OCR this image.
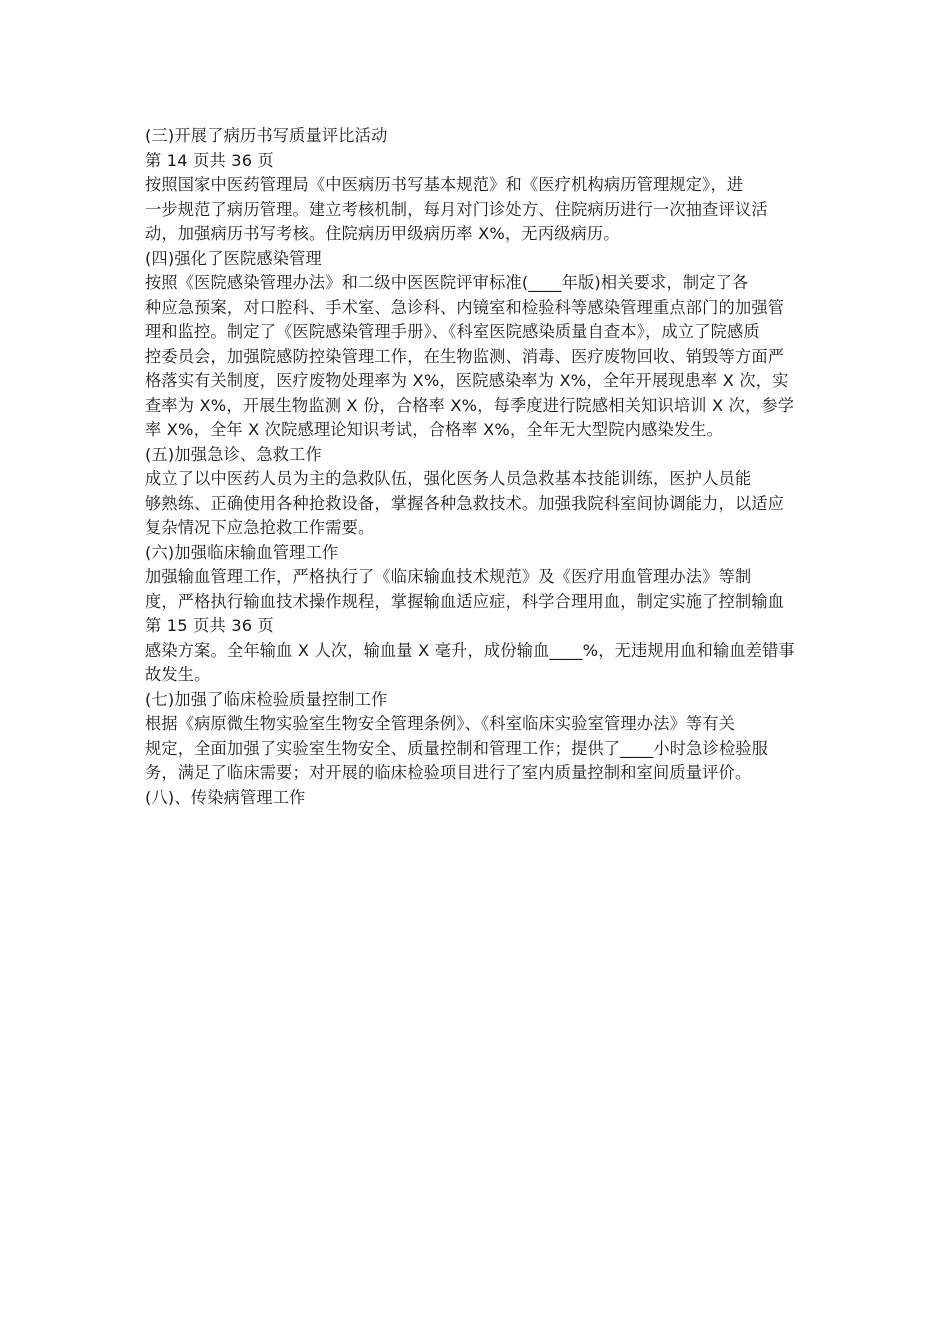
(三)开展了病历书写质量评比活动

第 14 页共 36 页

按照国家中医药管理局《中医病历书写基本规范》和《医疗机构病历管理规定》，进

一步规范了病历管理。建立考核机制，每月对门诊处方、住院病历进行一次抽查评议活

动，加强病历书写考核。住院病历甲级病历率 X%，无丙级病历。

(四)强化了医院感染管理

按照《医院感染管理办法》和二级中医医院评审标准(____年版)相关要求，制定了各

种应急预案，对口腔科、手术室、急诊科、内镜室和检验科等感染管理重点部门的加强管

理和监控。制定了《医院感染管理手册》、《科室医院感染质量自查本》，成立了院感质

控委员会，加强院感防控染管理工作，在生物监测、消毒、医疗废物回收、销毁等方面严

格落实有关制度，医疗废物处理率为 X%，医院感染率为 X%，全年开展现患率 X 次，实

查率为 X%，开展生物监测 X 份，合格率 X%，每季度进行院感相关知识培训 X 次，参学

率 X%，全年 X 次院感理论知识考试，合格率 X%，全年无大型院内感染发生。

(五)加强急诊、急救工作

成立了以中医药人员为主的急救队伍，强化医务人员急救基本技能训练，医护人员能

够熟练、正确使用各种抢救设备，掌握各种急救技术。加强我院科室间协调能力，以适应

复杂情况下应急抢救工作需要。

(六)加强临床输血管理工作

加强输血管理工作，严格执行了《临床输血技术规范》及《医疗用血管理办法》等制

度，严格执行输血技术操作规程，掌握输血适应症，科学合理用血，制定实施了控制输血

第 15 页共 36 页

感染方案。全年输血 X 人次，输血量 X 毫升，成份输血____%，无违规用血和输血差错事

故发生。

(七)加强了临床检验质量控制工作

根据《病原微生物实验室生物安全管理条例》、《科室临床实验室管理办法》等有关

规定，全面加强了实验室生物安全、质量控制和管理工作；提供了____小时急诊检验服

务，满足了临床需要；对开展的临床检验项目进行了室内质量控制和室间质量评价。

(八)、传染病管理工作
